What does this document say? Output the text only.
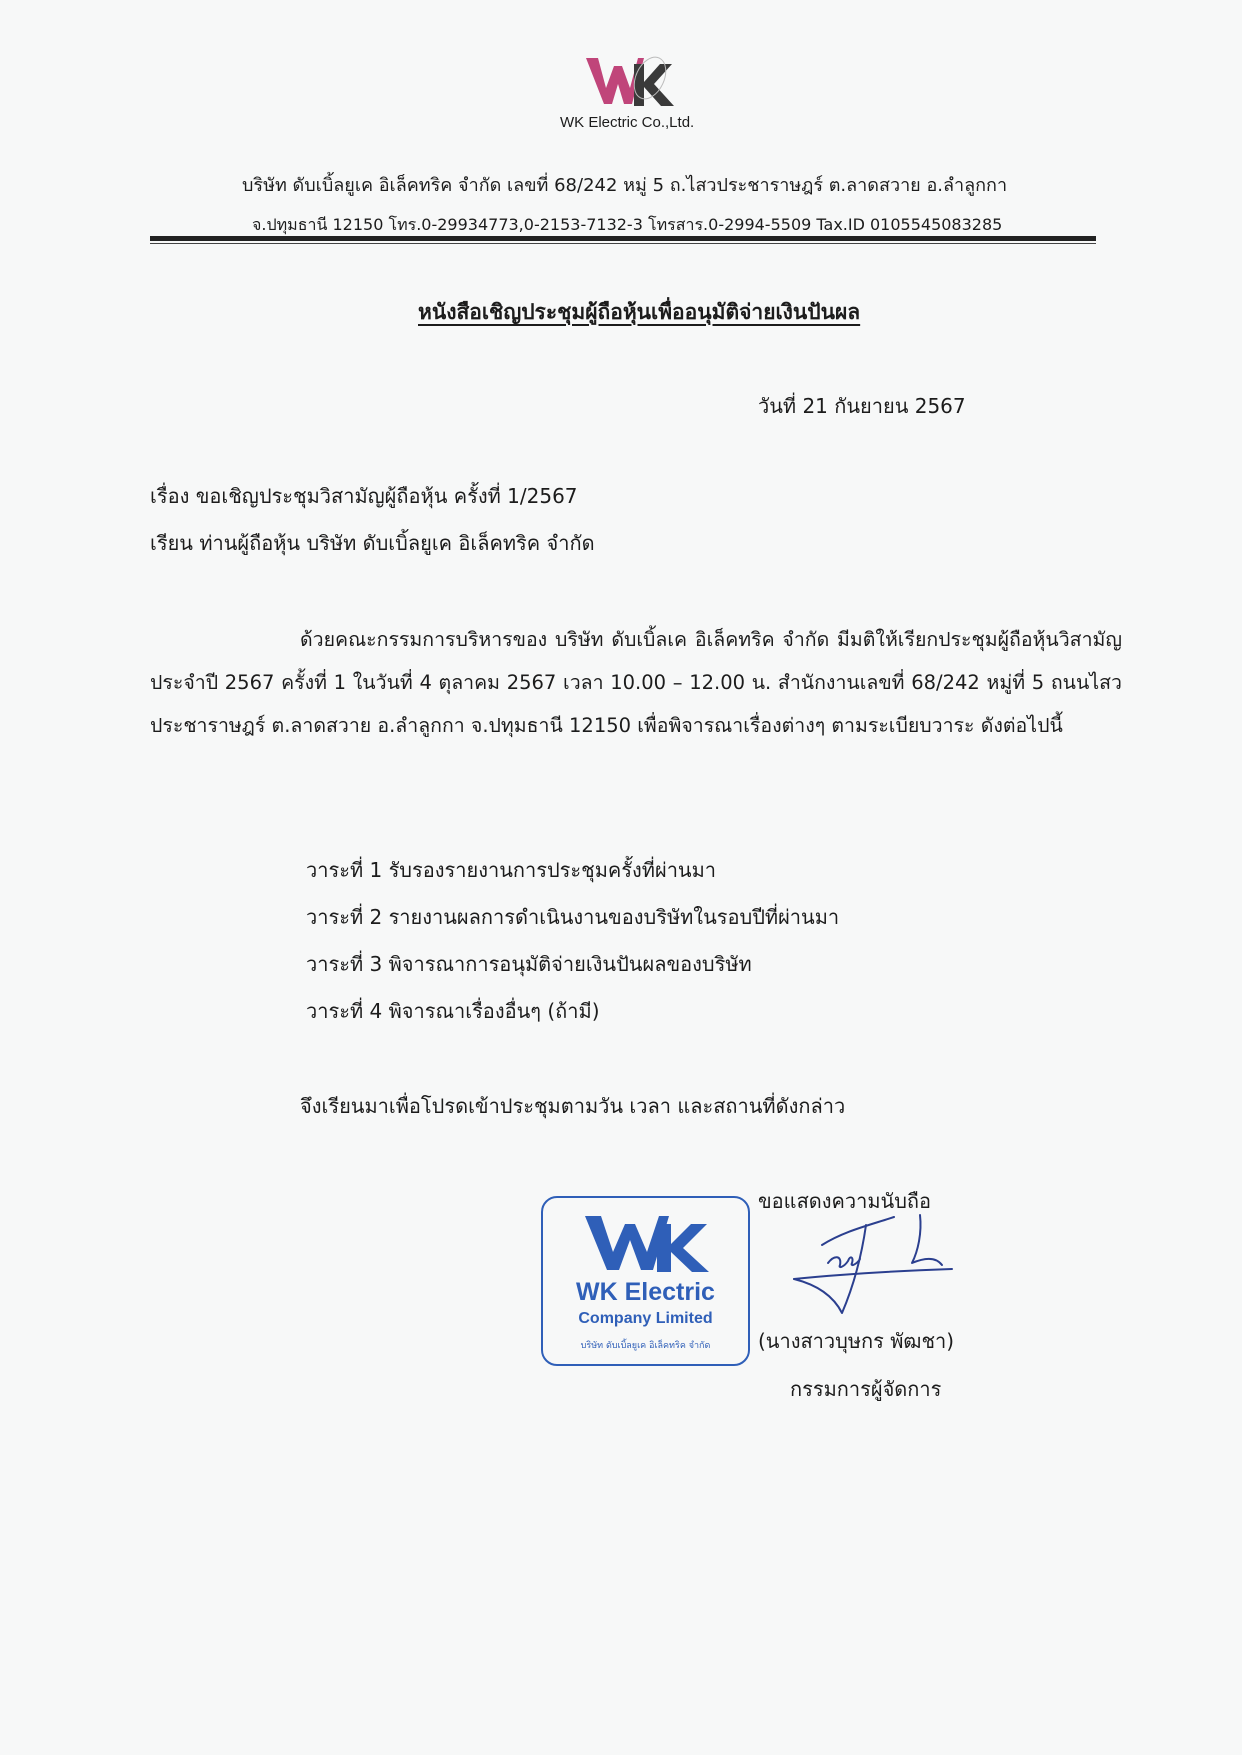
WK Electric Co.,Ltd.
บริษัท ดับเบิ้ลยูเค อิเล็คทริค จำกัด เลขที่ 68/242 หมู่ 5 ถ.ไสวประชาราษฎร์ ต.ลาดสวาย อ.ลำลูกกา
จ.ปทุมธานี 12150 โทร.0-29934773,0-2153-7132-3 โทรสาร.0-2994-5509 Tax.ID 0105545083285
หนังสือเชิญประชุมผู้ถือหุ้นเพื่ออนุมัติจ่ายเงินปันผล
วันที่ 21 กันยายน 2567
เรื่อง ขอเชิญประชุมวิสามัญผู้ถือหุ้น ครั้งที่ 1/2567
เรียน ท่านผู้ถือหุ้น บริษัท ดับเบิ้ลยูเค อิเล็คทริค จำกัด

ด้วยคณะกรรมการบริหารของ บริษัท ดับเบิ้ลเค อิเล็คทริค จำกัด มีมติให้เรียกประชุมผู้ถือหุ้นวิสามัญ ประจำปี 2567 ครั้งที่ 1 ในวันที่ 4 ตุลาคม 2567 เวลา 10.00 – 12.00 น. สำนักงานเลขที่ 68/242 หมู่ที่ 5 ถนนไสวประชาราษฎร์ ต.ลาดสวาย อ.ลำลูกกา จ.ปทุมธานี 12150 เพื่อพิจารณาเรื่องต่างๆ ตามระเบียบวาระ ดังต่อไปนี้

วาระที่ 1 รับรองรายงานการประชุมครั้งที่ผ่านมา
วาระที่ 2 รายงานผลการดำเนินงานของบริษัทในรอบปีที่ผ่านมา
วาระที่ 3 พิจารณาการอนุมัติจ่ายเงินปันผลของบริษัท
วาระที่ 4 พิจารณาเรื่องอื่นๆ (ถ้ามี)
จึงเรียนมาเพื่อโปรดเข้าประชุมตามวัน เวลา และสถานที่ดังกล่าว
ขอแสดงความนับถือ
WK Electric
Company Limited
บริษัท ดับเบิ้ลยูเค อิเล็คทริค จำกัด	(นางสาวบุษกร พัฒชา)
กรรมการผู้จัดการ
